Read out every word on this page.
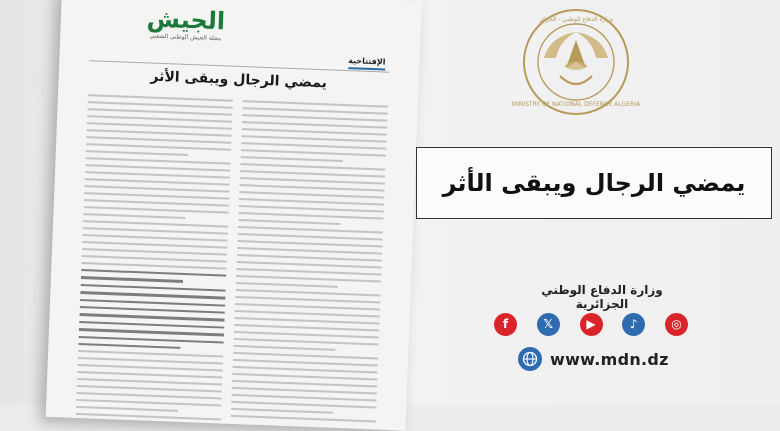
الجيش
مجلة الجيش الوطني الشعبي
الإفتتاحية
يمضي الرجال ويبقى الأثر
MINISTRY OF NATIONAL DEFENCE ALGERIA
وزارة الدفاع الوطني - الجزائر
يمضي الرجال ويبقى الأثر
وزارة الدفاع الوطني الجزائرية
f	𝕏	▶	♪	◎
www.mdn.dz
